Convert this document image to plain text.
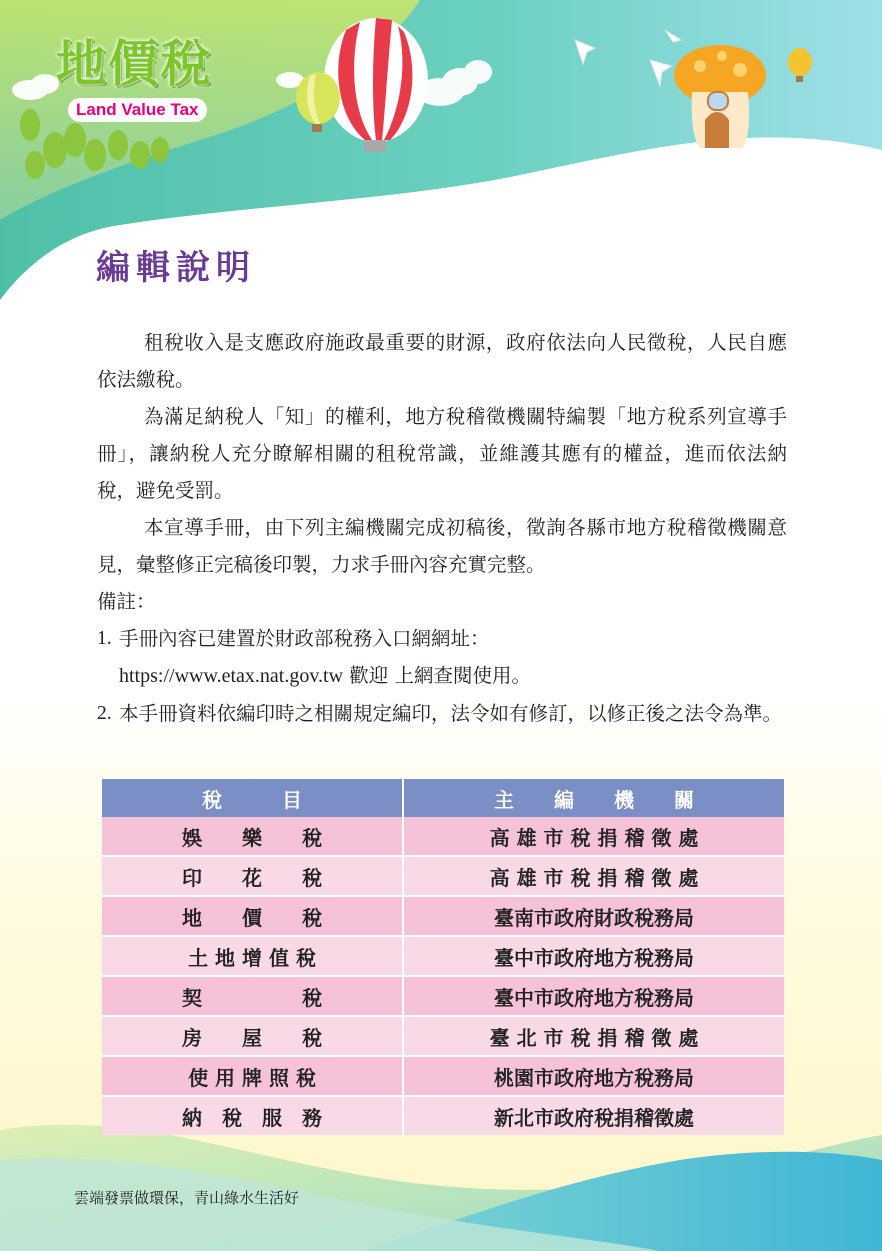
地價稅
Land Value Tax
編輯說明

租稅收入是支應政府施政最重要的財源，政府依法向人民徵稅，人民自應依法繳稅。

為滿足納稅人「知」的權利，地方稅稽徵機關特編製「地方稅系列宣導手冊」，讓納稅人充分瞭解相關的租稅常識，並維護其應有的權益，進而依法納稅，避免受罰。

本宣導手冊，由下列主編機關完成初稿後，徵詢各縣市地方稅稽徵機關意見，彙整修正完稿後印製，力求手冊內容充實完整。

備註：

1. 手冊內容已建置於財政部稅務入口網網址：
https://www.etax.nat.gov.tw 歡迎 上網查閱使用。
2. 本手冊資料依編印時之相關規定編印，法令如有修訂，以修正後之法令為準。
稅　　　目	主　　編　　機　　關
娛　　樂　　稅	高 雄 市 稅 捐 稽 徵 處
印　　花　　稅	高 雄 市 稅 捐 稽 徵 處
地　　價　　稅	臺南市政府財政稅務局
土 地 增 值 稅	臺中市政府地方稅務局
契　　　　　稅	臺中市政府地方稅務局
房　　屋　　稅	臺 北 市 稅 捐 稽 徵 處
使 用 牌 照 稅	桃園市政府地方稅務局
納　稅　服　務	新北市政府稅捐稽徵處
雲端發票做環保，青山綠水生活好
